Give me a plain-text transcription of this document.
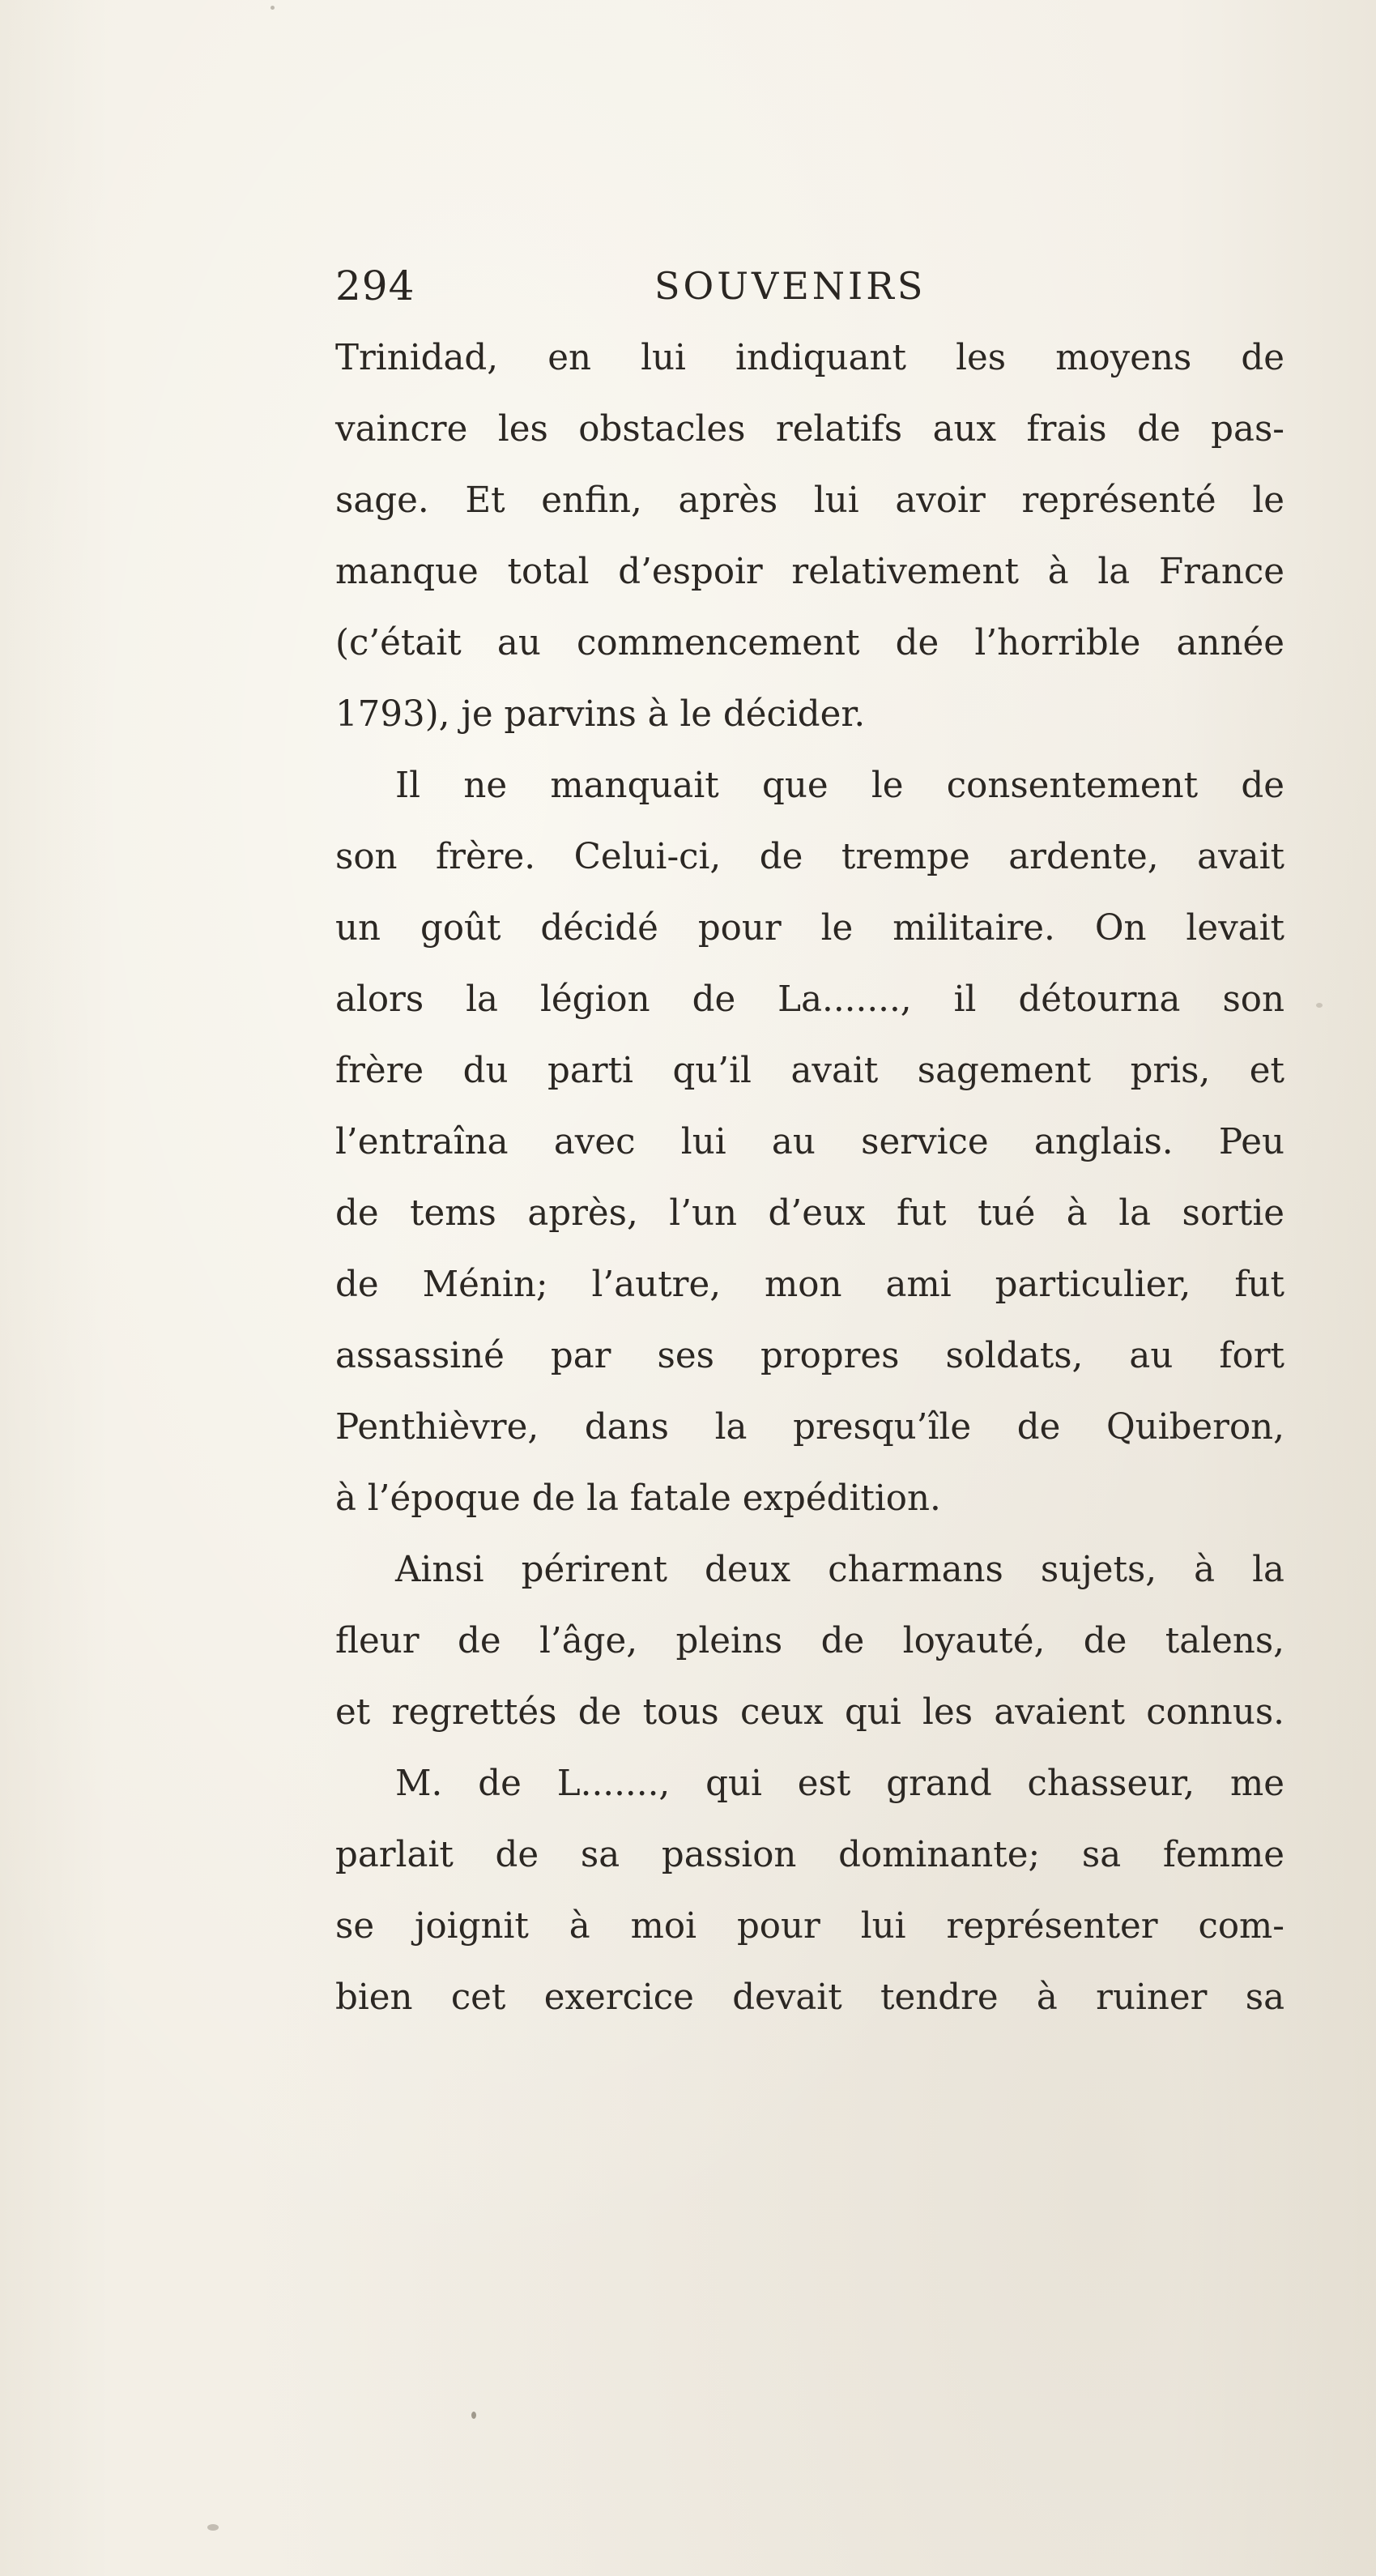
294	SOUVENIRS
Trinidad, en lui indiquant les moyens de
vaincre les obstacles relatifs aux frais de pas-
sage. Et enfin, après lui avoir représenté le
manque total d’espoir relativement à la France
(c’était au commencement de l’horrible année
1793), je parvins à le décider.
Il ne manquait que le consentement de
son frère. Celui-ci, de trempe ardente, avait
un goût décidé pour le militaire. On levait
alors la légion de La......., il détourna son
frère du parti qu’il avait sagement pris, et
l’entraîna avec lui au service anglais. Peu
de tems après, l’un d’eux fut tué à la sortie
de Ménin; l’autre, mon ami particulier, fut
assassiné par ses propres soldats, au fort
Penthièvre, dans la presqu’île de Quiberon,
à l’époque de la fatale expédition.
Ainsi périrent deux charmans sujets, à la
fleur de l’âge, pleins de loyauté, de talens,
et regrettés de tous ceux qui les avaient connus.
M. de L......., qui est grand chasseur, me
parlait de sa passion dominante; sa femme
se joignit à moi pour lui représenter com-
bien cet exercice devait tendre à ruiner sa
